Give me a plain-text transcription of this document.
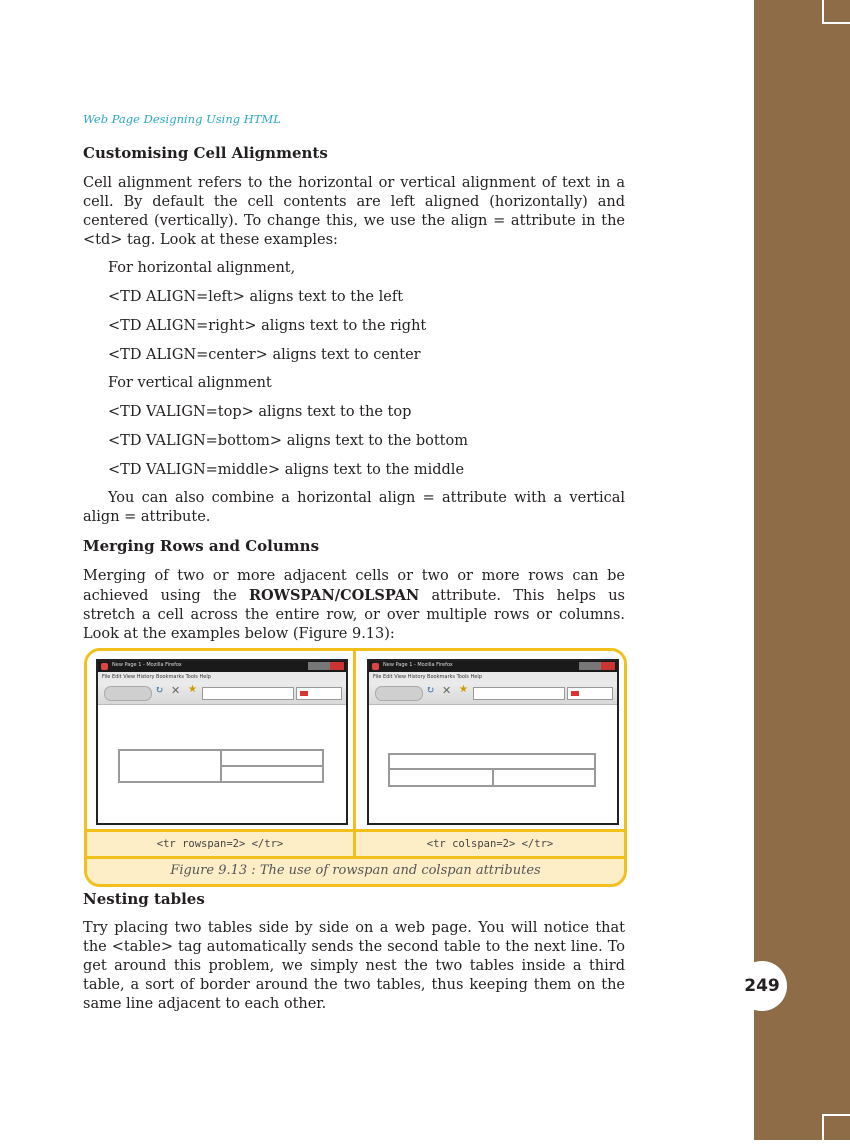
249
Web Page Designing Using HTML
Customising Cell Alignments

Cell alignment refers to the horizontal or vertical alignment of text in a cell. By default the cell contents are left aligned (horizontally) and centered (vertically). To change this, we use the align = attribute in the <td> tag. Look at these examples:

For horizontal alignment,
<TD ALIGN=left> aligns text to the left
<TD ALIGN=right> aligns text to the right
<TD ALIGN=center> aligns text to center
For vertical alignment
<TD VALIGN=top> aligns text to the top
<TD VALIGN=bottom> aligns text to the bottom
<TD VALIGN=middle> aligns text to the middle

You can also combine a horizontal align = attribute with a vertical align = attribute.

Merging Rows and Columns

Merging of two or more adjacent cells or two or more rows can be achieved using the ROWSPAN/COLSPAN attribute. This helps us stretch a cell across the entire row, or over multiple rows or columns. Look at the examples below (Figure 9.13):

New Page 1 - Mozilla Firefox
File Edit View History Bookmarks Tools Help
↻ ✕ ★
New Page 1 - Mozilla Firefox
File Edit View History Bookmarks Tools Help
↻ ✕ ★
<tr rowspan=2> </tr>	<tr colspan=2> </tr>
Figure 9.13 : The use of rowspan and colspan attributes
Nesting tables

Try placing two tables side by side on a web page. You will notice that the <table> tag automatically sends the second table to the next line. To get around this problem, we simply nest the two tables inside a third table, a sort of border around the two tables, thus keeping them on the same line adjacent to each other.
